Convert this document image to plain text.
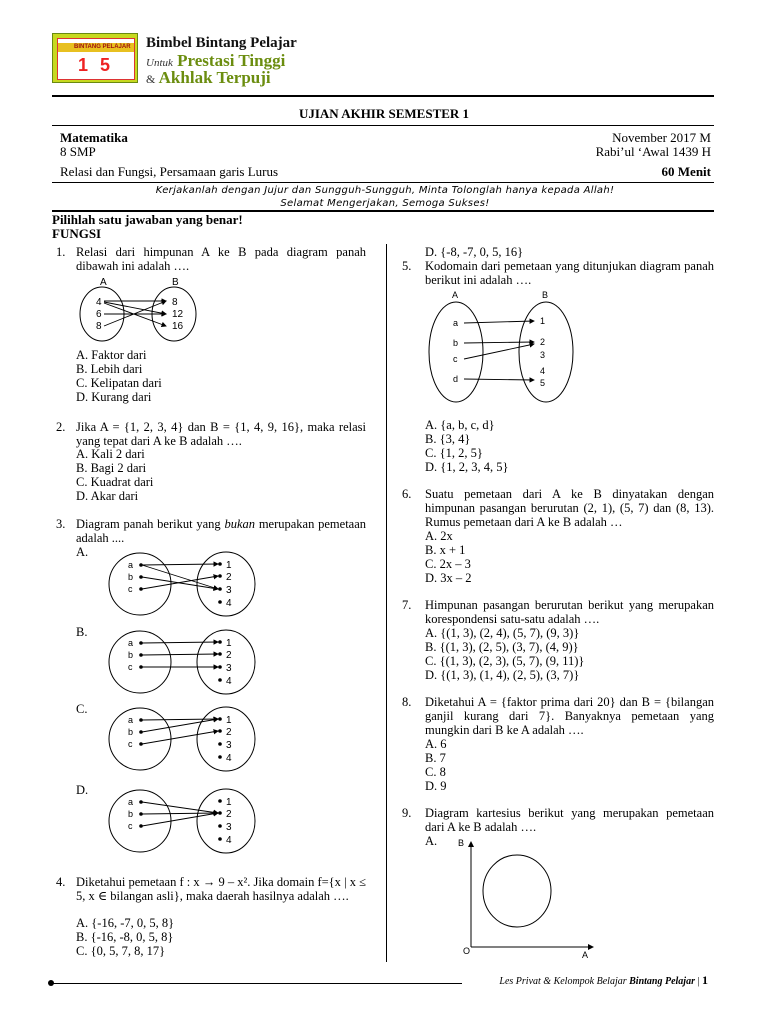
BINTANG PELAJAR
1 5
Bimbel Bintang Pelajar
Untuk Prestasi Tinggi
& Akhlak Terpuji
UJIAN AKHIR SEMESTER 1
Matematika
8 SMP
November 2017 M
Rabi’ul ‘Awal 1439 H
Relasi dan Fungsi, Persamaan garis Lurus	60 Menit
Kerjakanlah dengan Jujur dan Sungguh-Sungguh, Minta Tolonglah hanya kepada Allah!
Selamat Mengerjakan, Semoga Sukses!
Pilihlah satu jawaban yang benar!
FUNGSI
1. Relasi dari himpunan A ke B pada diagram panah dibawah ini adalah ….
A	B
4
6
8
8
12
16
A. Faktor dari
B. Lebih dari
C. Kelipatan dari
D. Kurang dari
2. Jika A = {1, 2, 3, 4} dan B = {1, 4, 9, 16}, maka relasi yang tepat dari A ke B adalah ….
A. Kali 2 dari
B. Bagi 2 dari
C. Kuadrat dari
D. Akar dari
3. Diagram panah berikut yang bukan merupakan pemetaan adalah ....
A.
a
b
c
1
2
3
4
B.
a
b
c
1
2
3
4
C.
a
b
c
1
2
3
4
D.
a
b
c
1
2
3
4
4. Diketahui pemetaan f : x → 9 – x². Jika domain f={x | x ≤ 5, x ∈ bilangan asli}, maka daerah hasilnya adalah ….
A. {-16, -7, 0, 5, 8}
B. {-16, -8, 0, 5, 8}
C. {0, 5, 7, 8, 17}
D. {-8, -7, 0, 5, 16}
5. Kodomain dari pemetaan yang ditunjukan diagram panah berikut ini adalah ….
A	B
a
b
c
d
1
2
3
4
5
A. {a, b, c, d}
B. {3, 4}
C. {1, 2, 5}
D. {1, 2, 3, 4, 5}
6. Suatu pemetaan dari A ke B dinyatakan dengan himpunan pasangan berurutan (2, 1), (5, 7) dan (8, 13). Rumus pemetaan dari A ke B adalah …
A. 2x
B. x + 1
C. 2x – 3
D. 3x – 2
7. Himpunan pasangan berurutan berikut yang merupakan korespondensi satu-satu adalah ….
A. {(1, 3), (2, 4), (5, 7), (9, 3)}
B. {(1, 3), (2, 5), (3, 7), (4, 9)}
C. {(1, 3), (2, 3), (5, 7), (9, 11)}
D. {(1, 3), (1, 4), (2, 5), (3, 7)}
8. Diketahui A = {faktor prima dari 20} dan B = {bilangan ganjil kurang dari 7}. Banyaknya pemetaan yang mungkin dari B ke A adalah ….
A. 6
B. 7
C. 8
D. 9
9. Diagram kartesius berikut yang merupakan pemetaan dari A ke B adalah ….
A. B
A
O
Les Privat & Kelompok Belajar Bintang Pelajar | 1
